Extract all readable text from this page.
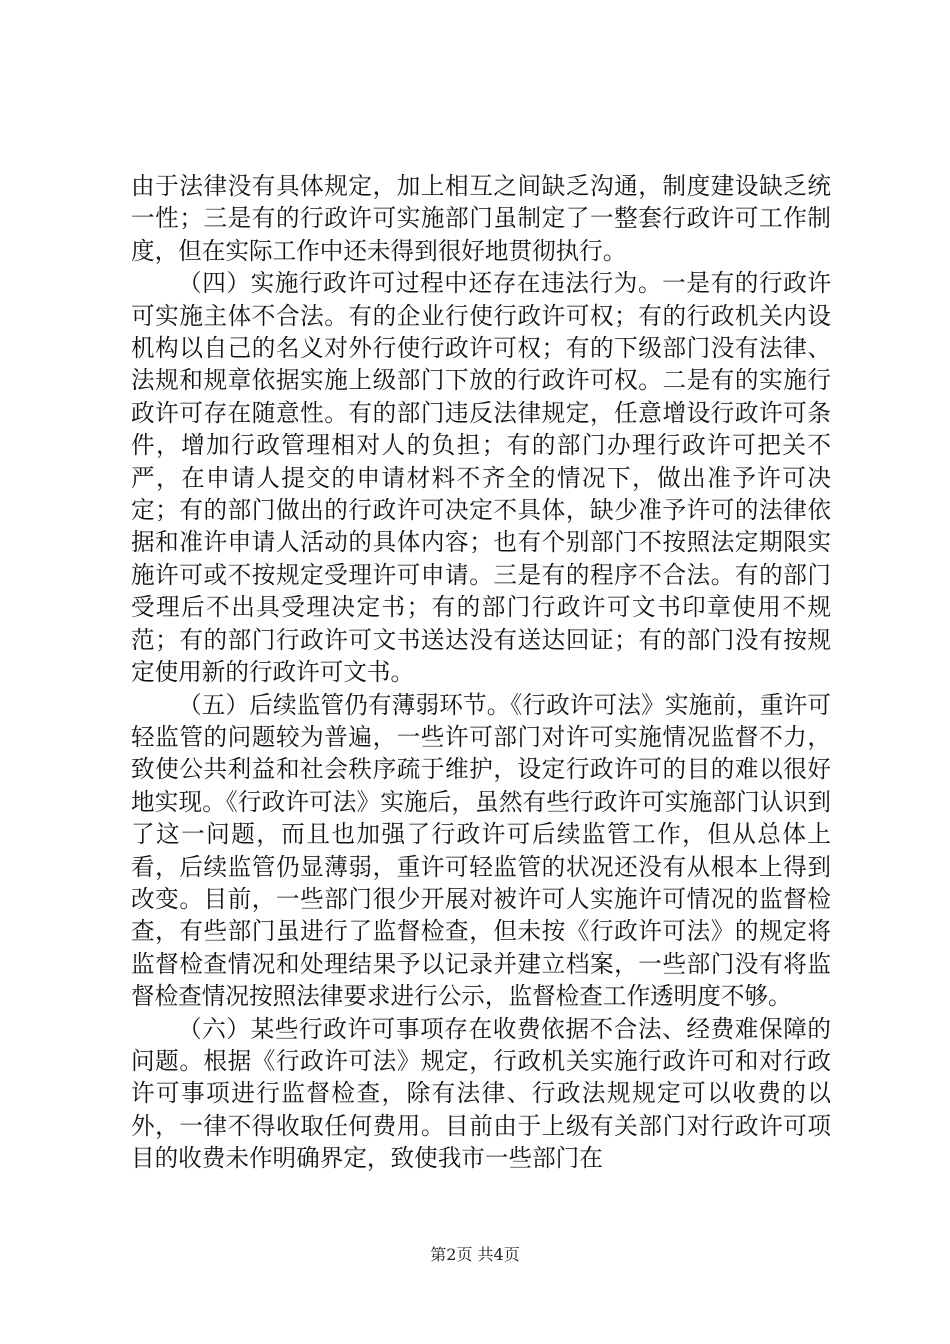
由于法律没有具体规定，加上相互之间缺乏沟通，制度建设缺乏统一性；三是有的行政许可实施部门虽制定了一整套行政许可工作制度，但在实际工作中还未得到很好地贯彻执行。

（四）实施行政许可过程中还存在违法行为。一是有的行政许可实施主体不合法。有的企业行使行政许可权；有的行政机关内设机构以自己的名义对外行使行政许可权；有的下级部门没有法律、法规和规章依据实施上级部门下放的行政许可权。二是有的实施行政许可存在随意性。有的部门违反法律规定，任意增设行政许可条件，增加行政管理相对人的负担；有的部门办理行政许可把关不严，在申请人提交的申请材料不齐全的情况下，做出准予许可决定；有的部门做出的行政许可决定不具体，缺少准予许可的法律依据和准许申请人活动的具体内容；也有个别部门不按照法定期限实施许可或不按规定受理许可申请。三是有的程序不合法。有的部门受理后不出具受理决定书；有的部门行政许可文书印章使用不规范；有的部门行政许可文书送达没有送达回证；有的部门没有按规定使用新的行政许可文书。

（五）后续监管仍有薄弱环节。《行政许可法》实施前，重许可轻监管的问题较为普遍，一些许可部门对许可实施情况监督不力，致使公共利益和社会秩序疏于维护，设定行政许可的目的难以很好地实现。《行政许可法》实施后，虽然有些行政许可实施部门认识到了这一问题，而且也加强了行政许可后续监管工作，但从总体上看，后续监管仍显薄弱，重许可轻监管的状况还没有从根本上得到改变。目前，一些部门很少开展对被许可人实施许可情况的监督检查，有些部门虽进行了监督检查，但未按《行政许可法》的规定将监督检查情况和处理结果予以记录并建立档案，一些部门没有将监督检查情况按照法律要求进行公示，监督检查工作透明度不够。

（六）某些行政许可事项存在收费依据不合法、经费难保障的问题。根据《行政许可法》规定，行政机关实施行政许可和对行政许可事项进行监督检查，除有法律、行政法规规定可以收费的以外，一律不得收取任何费用。目前由于上级有关部门对行政许可项目的收费未作明确界定，致使我市一些部门在

第2页 共4页
